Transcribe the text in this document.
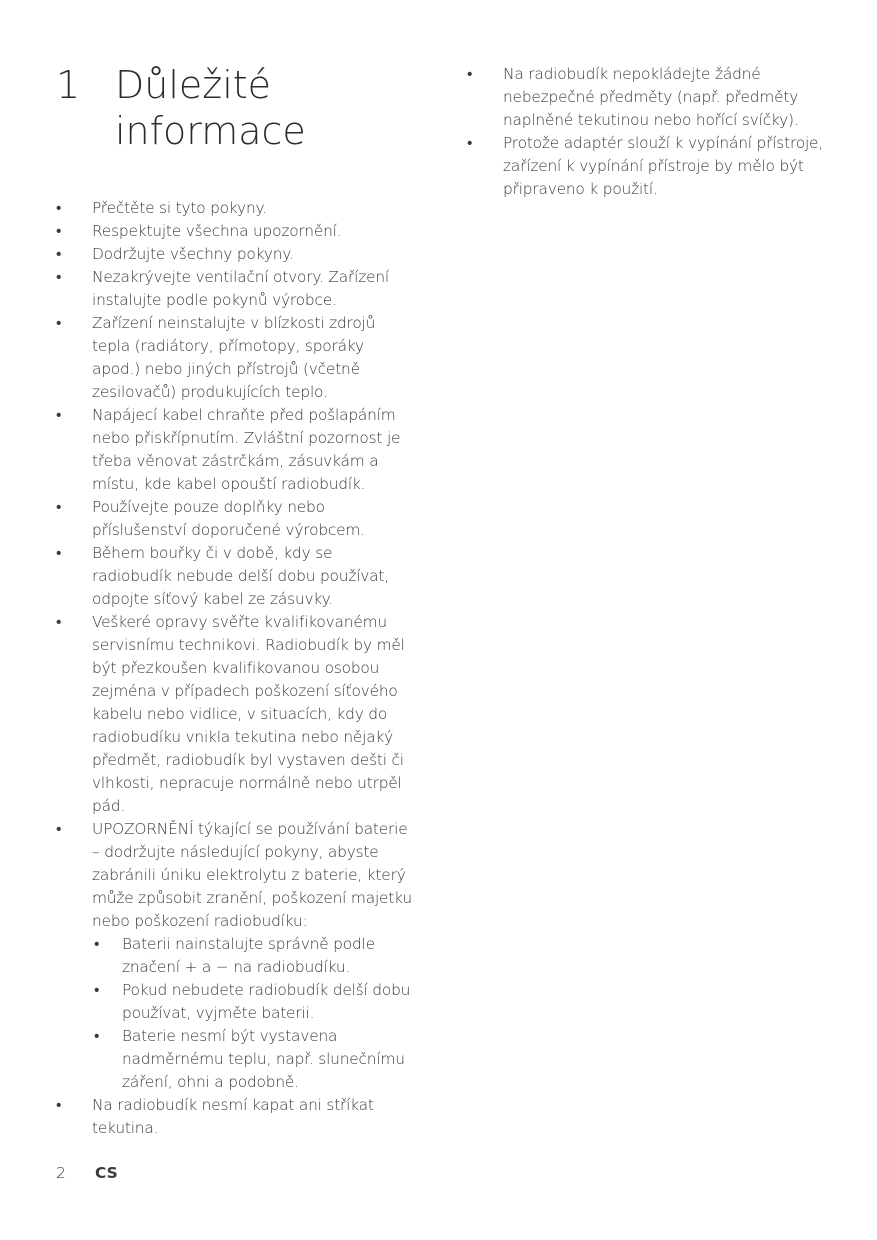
1 Důležité informace
• Přečtěte si tyto pokyny.
• Respektujte všechna upozornění.
• Dodržujte všechny pokyny.
• Nezakrývejte ventilační otvory. Zařízení instalujte podle pokynů výrobce.
• Zařízení neinstalujte v blízkosti zdrojů tepla (radiátory, přímotopy, sporáky apod.) nebo jiných přístrojů (včetně zesilovačů) produkujících teplo.
• Napájecí kabel chraňte před pošlapáním nebo přiskřípnutím. Zvláštní pozornost je třeba věnovat zástrčkám, zásuvkám a místu, kde kabel opouští radiobudík.
• Používejte pouze doplňky nebo příslušenství doporučené výrobcem.
• Během bouřky či v době, kdy se radiobudík nebude delší dobu používat, odpojte síťový kabel ze zásuvky.
• Veškeré opravy svěřte kvalifikovanému servisnímu technikovi. Radiobudík by měl být přezkoušen kvalifikovanou osobou zejména v případech poškození síťového kabelu nebo vidlice, v situacích, kdy do radiobudíku vnikla tekutina nebo nějaký předmět, radiobudík byl vystaven dešti či vlhkosti, nepracuje normálně nebo utrpěl pád.
• UPOZORNĚNÍ týkající se používání baterie – dodržujte následující pokyny, abyste zabránili úniku elektrolytu z baterie, který může způsobit zranění, poškození majetku nebo poškození radiobudíku:
• Baterii nainstalujte správně podle značení + a − na radiobudíku.
• Pokud nebudete radiobudík delší dobu používat, vyjměte baterii.
• Baterie nesmí být vystavena nadměrnému teplu, např. slunečnímu záření, ohni a podobně.
• Na radiobudík nesmí kapat ani stříkat tekutina.
• Na radiobudík nepokládejte žádné nebezpečné předměty (např. předměty naplněné tekutinou nebo hořící svíčky).
• Protože adaptér slouží k vypínání přístroje, zařízení k vypínání přístroje by mělo být připraveno k použití.
2 CS
